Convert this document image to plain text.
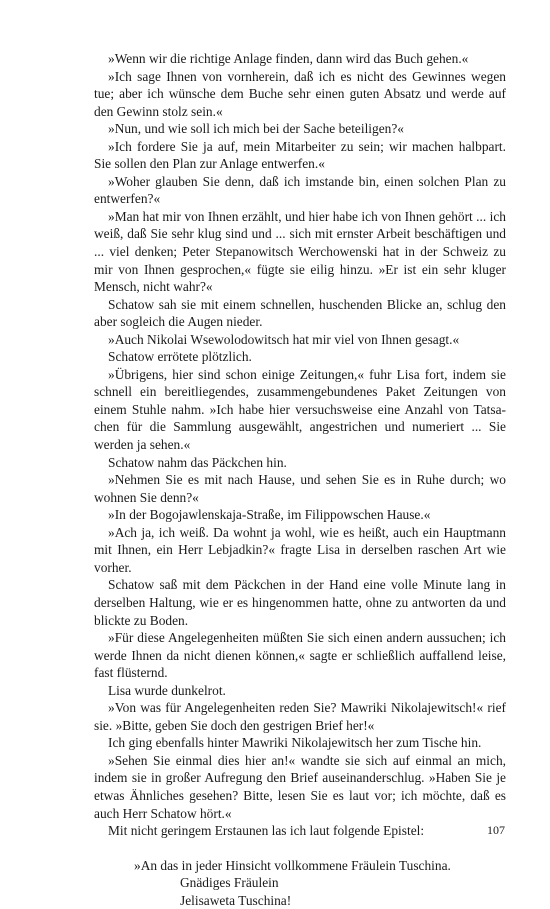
»Wenn wir die richtige Anlage finden, dann wird das Buch gehen.«

»Ich sage Ihnen von vornherein, daß ich es nicht des Gewinnes wegen tue; aber ich wünsche dem Buche sehr einen guten Absatz und werde auf den Gewinn stolz sein.«

»Nun, und wie soll ich mich bei der Sache beteiligen?«

»Ich fordere Sie ja auf, mein Mitarbeiter zu sein; wir machen halbpart. Sie sollen den Plan zur Anlage entwerfen.«

»Woher glauben Sie denn, daß ich imstande bin, einen solchen Plan zu entwerfen?«

»Man hat mir von Ihnen erzählt, und hier habe ich von Ihnen gehört ... ich weiß, daß Sie sehr klug sind und ... sich mit ernster Arbeit beschäftigen und ... viel denken; Peter Stepanowitsch Werchowenski hat in der Schweiz zu mir von Ihnen gesprochen,« fügte sie eilig hinzu. »Er ist ein sehr kluger Mensch, nicht wahr?«

Schatow sah sie mit einem schnellen, huschenden Blicke an, schlug den aber sogleich die Augen nieder.

»Auch Nikolai Wsewolodowitsch hat mir viel von Ihnen gesagt.«

Schatow errötete plötzlich.

»Übrigens, hier sind schon einige Zeitungen,« fuhr Lisa fort, indem sie schnell ein bereitliegendes, zusammengebundenes Paket Zeitungen von einem Stuhle nahm. »Ich habe hier versuchsweise eine Anzahl von Tatsachen für die Sammlung ausgewählt, angestrichen und numeriert ... Sie werden ja sehen.«

Schatow nahm das Päckchen hin.

»Nehmen Sie es mit nach Hause, und sehen Sie es in Ruhe durch; wo wohnen Sie denn?«

»In der Bogojawlenskaja-Straße, im Filippowschen Hause.«

»Ach ja, ich weiß. Da wohnt ja wohl, wie es heißt, auch ein Hauptmann mit Ihnen, ein Herr Lebjadkin?« fragte Lisa in derselben raschen Art wie vorher.

Schatow saß mit dem Päckchen in der Hand eine volle Minute lang in derselben Haltung, wie er es hingenommen hatte, ohne zu antworten da und blickte zu Boden.

»Für diese Angelegenheiten müßten Sie sich einen andern aussuchen; ich werde Ihnen da nicht dienen können,« sagte er schließlich auffallend leise, fast flüsternd.

Lisa wurde dunkelrot.

»Von was für Angelegenheiten reden Sie? Mawriki Nikolajewitsch!« rief sie. »Bitte, geben Sie doch den gestrigen Brief her!«

Ich ging ebenfalls hinter Mawriki Nikolajewitsch her zum Tische hin.

»Sehen Sie einmal dies hier an!« wandte sie sich auf einmal an mich, indem sie in großer Aufregung den Brief auseinanderschlug. »Haben Sie je etwas Ähnliches gesehen? Bitte, lesen Sie es laut vor; ich möchte, daß es auch Herr Schatow hört.«

Mit nicht geringem Erstaunen las ich laut folgende Epistel:

»An das in jeder Hinsicht vollkommene Fräulein Tuschina.

Gnädiges Fräulein

Jelisaweta Tuschina!

107
